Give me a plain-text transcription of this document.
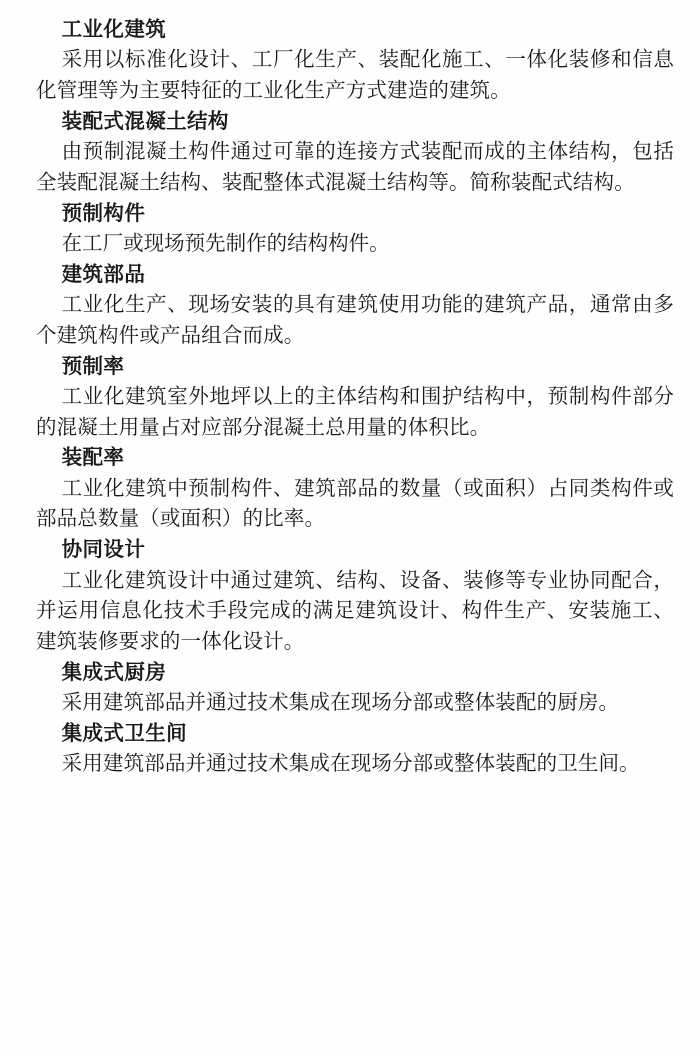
工业化建筑

采用以标准化设计、工厂化生产、装配化施工、一体化装修和信息化管理等为主要特征的工业化生产方式建造的建筑。

装配式混凝土结构

由预制混凝土构件通过可靠的连接方式装配而成的主体结构，包括全装配混凝土结构、装配整体式混凝土结构等。简称装配式结构。

预制构件

在工厂或现场预先制作的结构构件。

建筑部品

工业化生产、现场安装的具有建筑使用功能的建筑产品，通常由多个建筑构件或产品组合而成。

预制率

工业化建筑室外地坪以上的主体结构和围护结构中，预制构件部分的混凝土用量占对应部分混凝土总用量的体积比。

装配率

工业化建筑中预制构件、建筑部品的数量（或面积）占同类构件或部品总数量（或面积）的比率。

协同设计

工业化建筑设计中通过建筑、结构、设备、装修等专业协同配合，并运用信息化技术手段完成的满足建筑设计、构件生产、安装施工、建筑装修要求的一体化设计。

集成式厨房

采用建筑部品并通过技术集成在现场分部或整体装配的厨房。

集成式卫生间

采用建筑部品并通过技术集成在现场分部或整体装配的卫生间。
